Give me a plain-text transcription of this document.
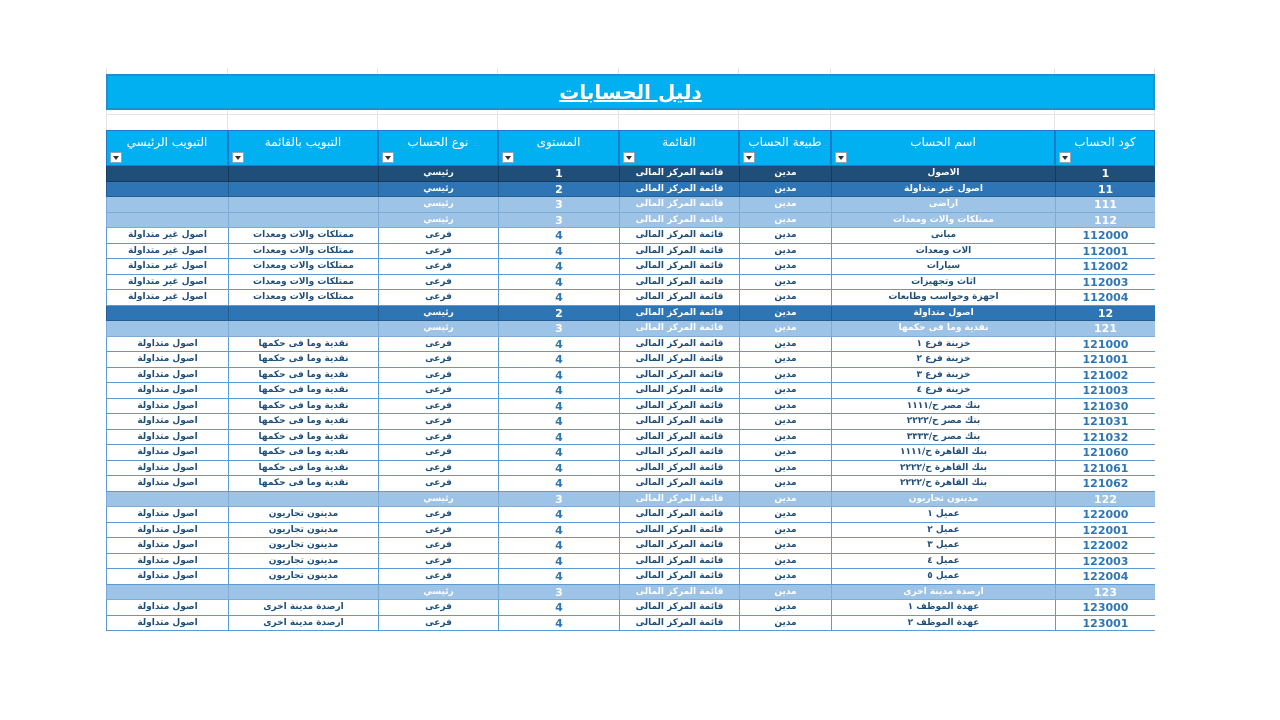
دليل الحسابات
كود الحساب
اسم الحساب
طبيعة الحساب
القائمة
المستوى
نوع الحساب
التبويب بالقائمة
التبويب الرئيسي
1
الاصول
مدين
قائمة المركز المالى
1
رئيسي
11
اصول غير متداولة
مدين
قائمة المركز المالى
2
رئيسي
111
اراضى
مدين
قائمة المركز المالى
3
رئيسي
112
ممتلكات والات ومعدات
مدين
قائمة المركز المالى
3
رئيسي
112000
مبانى
مدين
قائمة المركز المالى
4
فرعى
ممتلكات والات ومعدات
اصول غير متداولة
112001
الات ومعدات
مدين
قائمة المركز المالى
4
فرعى
ممتلكات والات ومعدات
اصول غير متداولة
112002
سيارات
مدين
قائمة المركز المالى
4
فرعى
ممتلكات والات ومعدات
اصول غير متداولة
112003
اثاث وتجهيزات
مدين
قائمة المركز المالى
4
فرعى
ممتلكات والات ومعدات
اصول غير متداولة
112004
اجهزة وحواسب وطابعات
مدين
قائمة المركز المالى
4
فرعى
ممتلكات والات ومعدات
اصول غير متداولة
12
اصول متداولة
مدين
قائمة المركز المالى
2
رئيسي
121
نقدية وما فى حكمها
مدين
قائمة المركز المالى
3
رئيسي
121000
خزينة فرع ١
مدين
قائمة المركز المالى
4
فرعى
نقدية وما فى حكمها
اصول متداولة
121001
خزينة فرع ٢
مدين
قائمة المركز المالى
4
فرعى
نقدية وما فى حكمها
اصول متداولة
121002
خزينة فرع ٣
مدين
قائمة المركز المالى
4
فرعى
نقدية وما فى حكمها
اصول متداولة
121003
خزينة فرع ٤
مدين
قائمة المركز المالى
4
فرعى
نقدية وما فى حكمها
اصول متداولة
121030
بنك مصر ح/١١١١
مدين
قائمة المركز المالى
4
فرعى
نقدية وما فى حكمها
اصول متداولة
121031
بنك مصر ح/٢٢٢٢
مدين
قائمة المركز المالى
4
فرعى
نقدية وما فى حكمها
اصول متداولة
121032
بنك مصر ح/٣٣٣٣
مدين
قائمة المركز المالى
4
فرعى
نقدية وما فى حكمها
اصول متداولة
121060
بنك القاهرة ح/١١١١
مدين
قائمة المركز المالى
4
فرعى
نقدية وما فى حكمها
اصول متداولة
121061
بنك القاهرة ح/٢٢٢٢
مدين
قائمة المركز المالى
4
فرعى
نقدية وما فى حكمها
اصول متداولة
121062
بنك القاهرة ح/٢٢٢٢
مدين
قائمة المركز المالى
4
فرعى
نقدية وما فى حكمها
اصول متداولة
122
مدينون تجاريون
مدين
قائمة المركز المالى
3
رئيسي
122000
عميل ١
مدين
قائمة المركز المالى
4
فرعى
مدينون تجاريون
اصول متداولة
122001
عميل ٢
مدين
قائمة المركز المالى
4
فرعى
مدينون تجاريون
اصول متداولة
122002
عميل ٣
مدين
قائمة المركز المالى
4
فرعى
مدينون تجاريون
اصول متداولة
122003
عميل ٤
مدين
قائمة المركز المالى
4
فرعى
مدينون تجاريون
اصول متداولة
122004
عميل ٥
مدين
قائمة المركز المالى
4
فرعى
مدينون تجاريون
اصول متداولة
123
ارصدة مدينة اخرى
مدين
قائمة المركز المالى
3
رئيسي
123000
عهدة الموظف ١
مدين
قائمة المركز المالى
4
فرعى
ارصدة مدينة اخرى
اصول متداولة
123001
عهدة الموظف ٢
مدين
قائمة المركز المالى
4
فرعى
ارصدة مدينة اخرى
اصول متداولة
